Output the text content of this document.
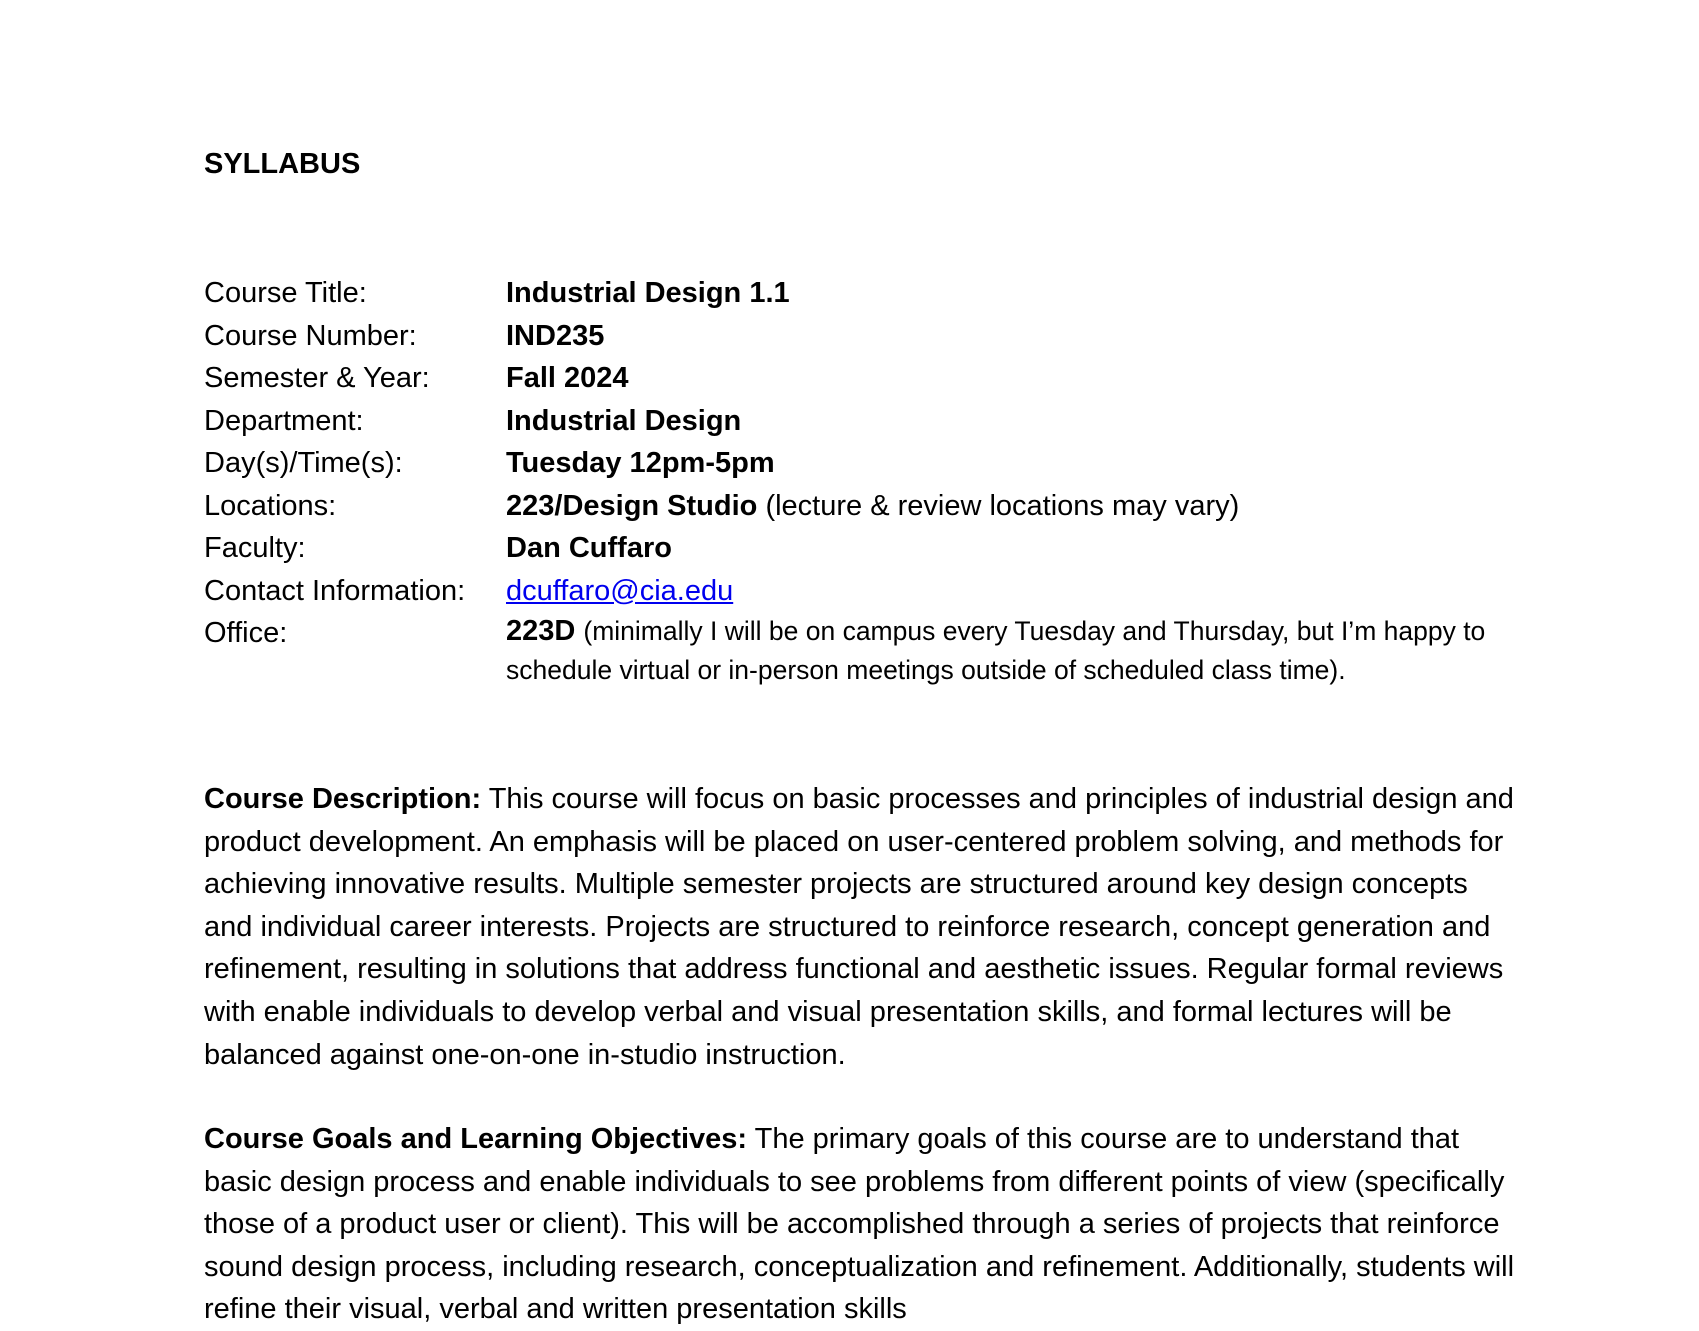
SYLLABUS
Course Title:	Industrial Design 1.1
Course Number:	IND235
Semester & Year:	Fall 2024
Department:	Industrial Design
Day(s)/Time(s):	Tuesday 12pm-5pm
Locations:	223/Design Studio (lecture & review locations may vary)
Faculty:	Dan Cuffaro
Contact Information:	dcuffaro@cia.edu
Office:	223D (minimally I will be on campus every Tuesday and Thursday, but I’m happy to schedule virtual or in-person meetings outside of scheduled class time).

Course Description: This course will focus on basic processes and principles of industrial design and product development. An emphasis will be placed on user-centered problem solving, and methods for achieving innovative results. Multiple semester projects are structured around key design concepts and individual career interests. Projects are structured to reinforce research, concept generation and refinement, resulting in solutions that address functional and aesthetic issues. Regular formal reviews with enable individuals to develop verbal and visual presentation skills, and formal lectures will be balanced against one-on-one in-studio instruction.

Course Goals and Learning Objectives: The primary goals of this course are to understand that basic design process and enable individuals to see problems from different points of view (specifically those of a product user or client). This will be accomplished through a series of projects that reinforce sound design process, including research, conceptualization and refinement. Additionally, students will refine their visual, verbal and written presentation skills
